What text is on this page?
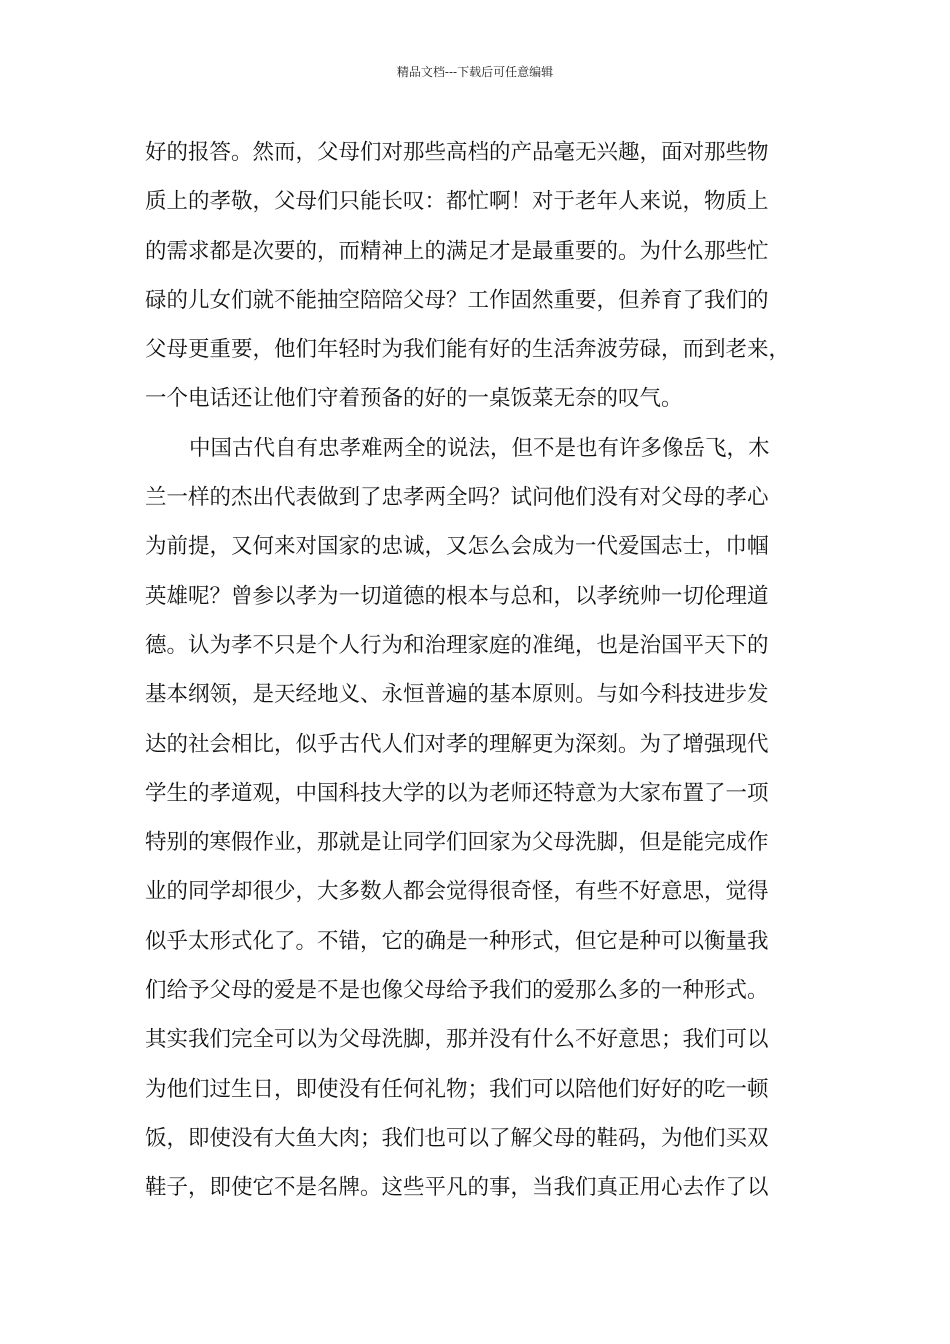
精品文档---下载后可任意编辑
好的报答。然而，父母们对那些高档的产品毫无兴趣，面对那些物
质上的孝敬，父母们只能长叹：都忙啊！对于老年人来说，物质上
的需求都是次要的，而精神上的满足才是最重要的。为什么那些忙
碌的儿女们就不能抽空陪陪父母？工作固然重要，但养育了我们的
父母更重要，他们年轻时为我们能有好的生活奔波劳碌，而到老来，
一个电话还让他们守着预备的好的一桌饭菜无奈的叹气。
中国古代自有忠孝难两全的说法，但不是也有许多像岳飞，木
兰一样的杰出代表做到了忠孝两全吗？试问他们没有对父母的孝心
为前提，又何来对国家的忠诚，又怎么会成为一代爱国志士，巾帼
英雄呢？曾参以孝为一切道德的根本与总和，以孝统帅一切伦理道
德。认为孝不只是个人行为和治理家庭的准绳，也是治国平天下的
基本纲领，是天经地义、永恒普遍的基本原则。与如今科技进步发
达的社会相比，似乎古代人们对孝的理解更为深刻。为了增强现代
学生的孝道观，中国科技大学的以为老师还特意为大家布置了一项
特别的寒假作业，那就是让同学们回家为父母洗脚，但是能完成作
业的同学却很少，大多数人都会觉得很奇怪，有些不好意思，觉得
似乎太形式化了。不错，它的确是一种形式，但它是种可以衡量我
们给予父母的爱是不是也像父母给予我们的爱那么多的一种形式。
其实我们完全可以为父母洗脚，那并没有什么不好意思；我们可以
为他们过生日，即使没有任何礼物；我们可以陪他们好好的吃一顿
饭，即使没有大鱼大肉；我们也可以了解父母的鞋码，为他们买双
鞋子，即使它不是名牌。这些平凡的事，当我们真正用心去作了以
